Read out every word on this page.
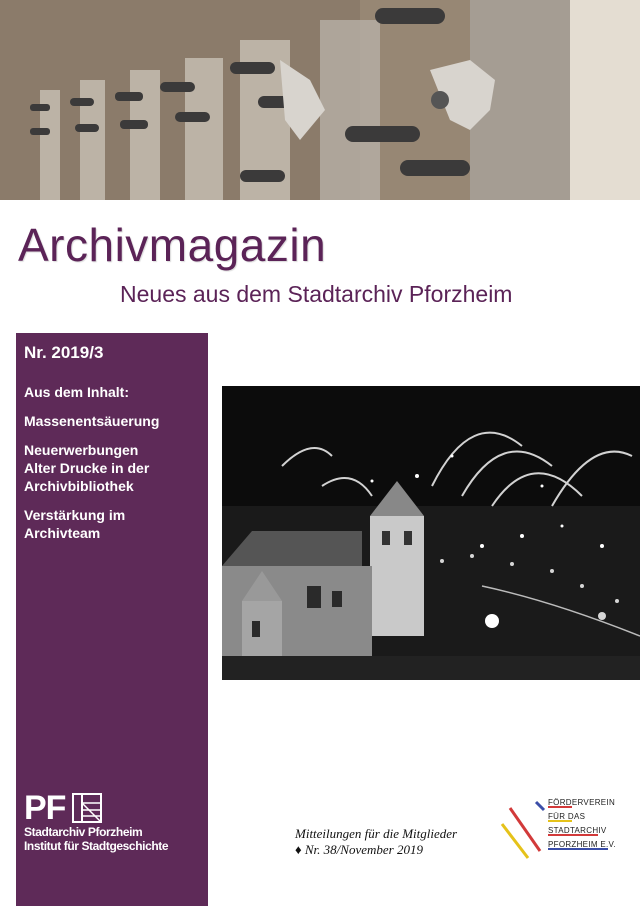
Archivmagazin
Neues aus dem Stadtarchiv Pforzheim
Nr. 2019/3
Aus dem Inhalt:
Massenentsäuerung
Neuerwerbungen
Alter Drucke in der
Archivbibliothek
Verstärkung im
Archivteam
PF
Stadtarchiv Pforzheim
Institut für Stadtgeschichte
Mitteilungen für die Mitglieder
♦ Nr. 38/November 2019
FÖRDERVEREIN
FÜR DAS
STADTARCHIV
PFORZHEIM E.V.
